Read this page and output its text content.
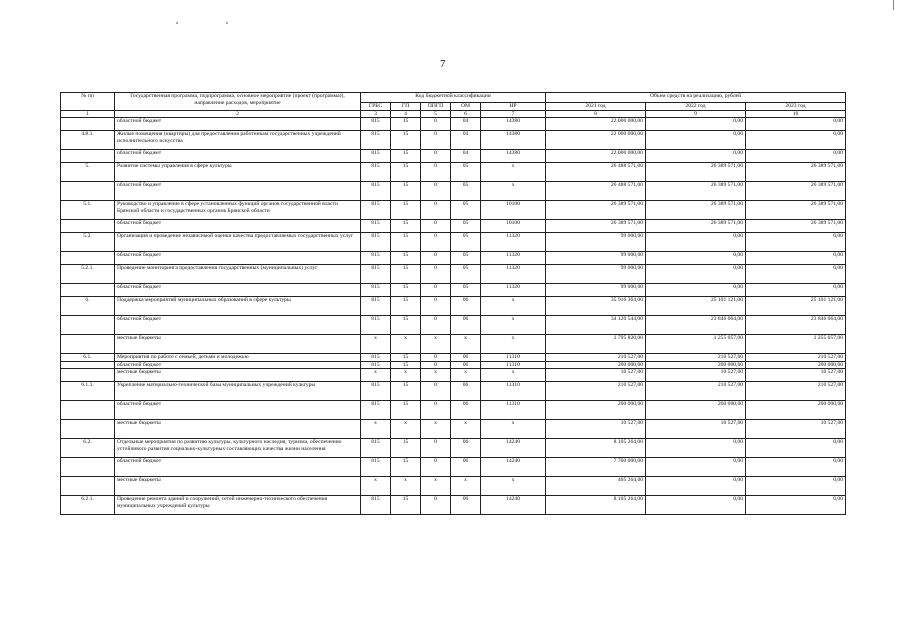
7
№ пп	Государственная программа, подпрограмма, основное мероприятие (проект (программа)), направление расходов, мероприятие	Код бюджетной классификации					Объем средств на реализацию, рублей		
		ГРБС	ГП	ППГП	ОМ	НР	2021 год	2022 год	2023 год
1	2	3	4	5	6	7	8	9	10
	областной бюджет	815	15	0	04	14380	22 000 000,00	0,00	0,00
4.8.1.	Жилые помещения (квартиры) для предоставления работникам государственных учреждений исполнительного искусства	815	15	0	04	14380	22 000 000,00	0,00	0,00
	областной бюджет	815	15	0	04	14380	22 000 000,00	0,00	0,00
5.	Развитие системы управления в сфере культуры	815	15	0	05	х	26 488 571,00	26 389 571,00	26 389 571,00
	областной бюджет	815	15	0	05	х	26 488 571,00	26 389 571,00	26 389 571,00
5.1.	Руководство и управление в сфере установленных функций органов государственной власти Брянской области и государственных органов Брянской области	815	15	0	05	10100	26 389 571,00	26 389 571,00	26 389 571,00
	областной бюджет	815	15	0	05	10100	26 389 571,00	26 389 571,00	26 389 571,00
5.2.	Организация и проведение независимой оценки качества предоставляемых государственных услуг	815	15	0	05	11320	99 000,00	0,00	0,00
	областной бюджет	815	15	0	05	11320	99 000,00	0,00	0,00
5.2.1.	Проведение мониторинга предоставления государственных (муниципальных) услуг	815	15	0	05	11320	99 000,00	0,00	0,00
	областной бюджет	815	15	0	05	11320	99 000,00	0,00	0,00
6.	Поддержка мероприятий муниципальных образований в сфере культуры	815	15	0	06	х	35 916 364,00	25 101 121,00	25 101 121,00
	областной бюджет	815	15	0	06	х	34 120 544,00	23 846 064,00	23 846 064,00
	местные бюджеты	х	х	х	х	х	1 795 820,00	1 255 057,00	1 255 057,00
6.1.	Мероприятия по работе с семьей, детьми и молодежью	815	15	0	06	11310	210 527,00	210 527,00	210 527,00
	областной бюджет	815	15	0	06	11310	200 000,00	200 000,00	200 000,00
	местные бюджеты	х	х	х	х	х	10 527,00	10 527,00	10 527,00
6.1.1.	Укрепление материально-технической базы муниципальных учреждений культуры	815	15	0	06	11310	210 527,00	210 527,00	210 527,00
	областной бюджет	815	15	0	06	11310	200 000,00	200 000,00	200 000,00
	местные бюджеты	х	х	х	х	х	10 527,00	10 527,00	10 527,00
6.2.	Отдельные мероприятия по развитию культуры, культурного наследия, туризма, обеспечению устойчивого развития социально-культурных составляющих качества жизни населения	815	15	0	06	14240	8 105 264,00	0,00	0,00
	областной бюджет	815	15	0	06	14240	7 700 000,00	0,00	0,00
	местные бюджеты	х	х	х	х	х	405 264,00	0,00	0,00
6.2.1.	Проведение ремонта зданий и сооружений, сетей инженерно-технического обеспечения муниципальных учреждений культуры	815	15	0	06	14240	8 105 264,00	0,00	0,00
